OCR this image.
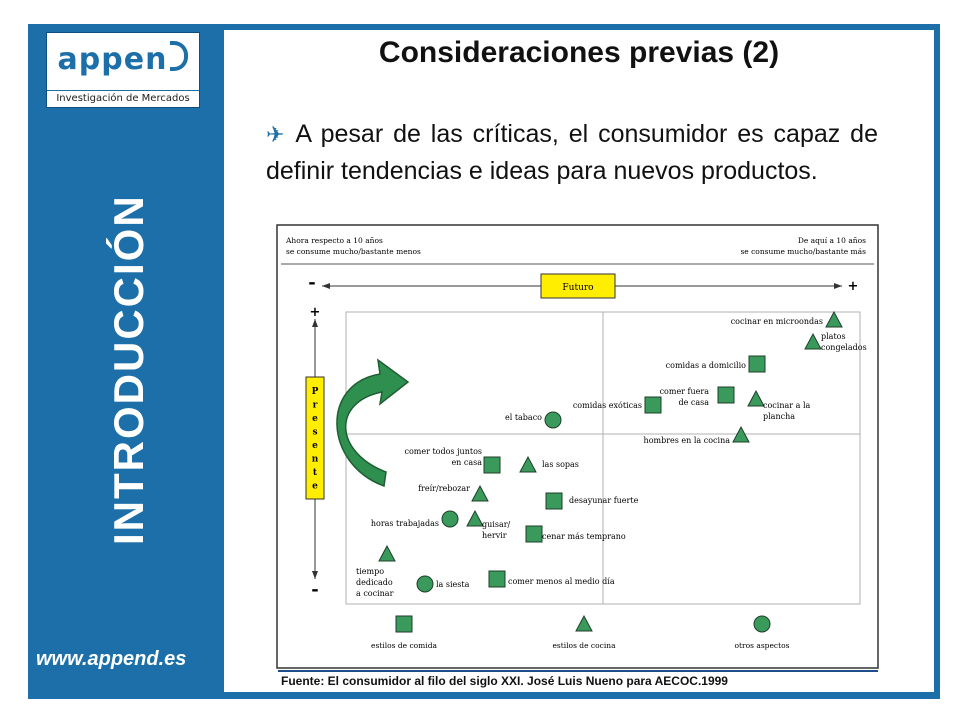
appen
Investigación de Mercados
INTRODUCCIÓN
www.append.es
Consideraciones previas (2)
✈ A pesar de las críticas, el consumidor es capaz de definir tendencias e ideas para nuevos productos.
Ahora respecto a 10 años
se consume mucho/bastante menos
De aquí a 10 años
se consume mucho/bastante más
-	+
Futuro
+
-
P
r
e
s
e
n
t
e
cocinar en microondas
platos
congelados
comidas a domicilio
comer fuera
de casa	cocinar a la
plancha
comidas exóticas
el tabaco
hombres en la cocina
comer todos juntos
en casa	las sopas
freír/rebozar
desayunar fuerte
horas trabajadas	guisar/
hervir	cenar más temprano
tiempo
dedicado
a cocinar
la siesta	comer menos al medio día
estilos de comida	estilos de cocina	otros aspectos
Fuente: El consumidor al filo del siglo XXI. José Luis Nueno para AECOC.1999
